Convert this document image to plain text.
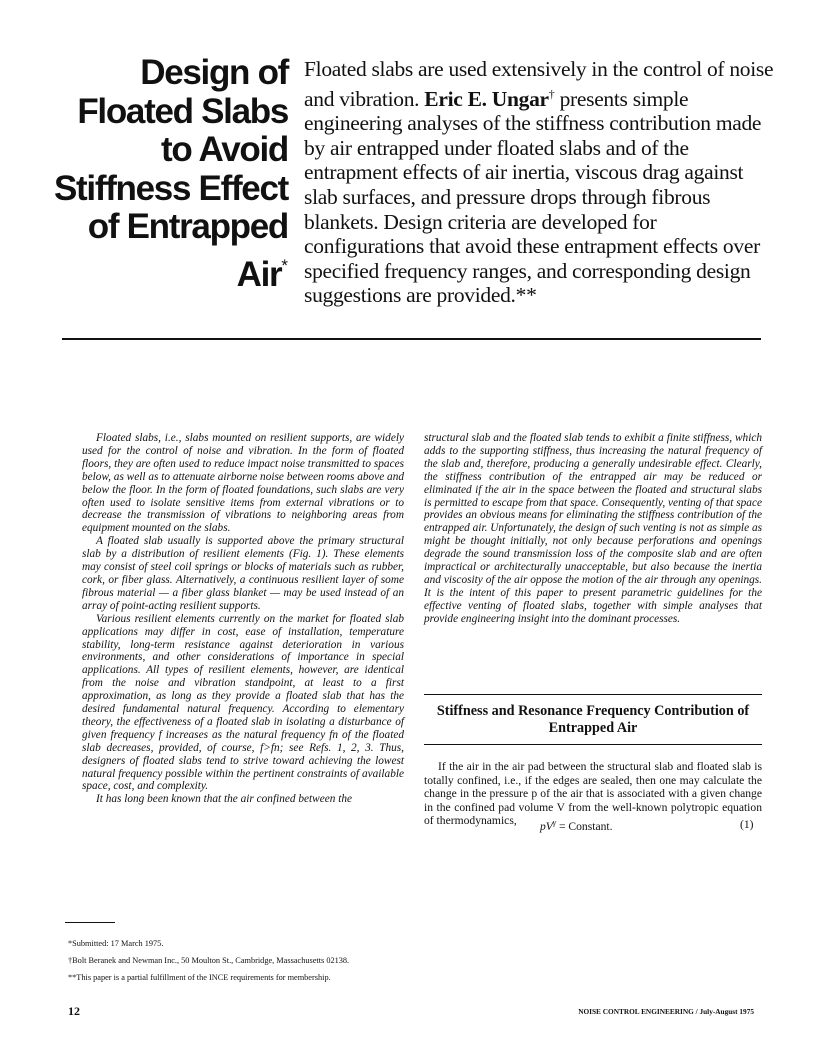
Design of
Floated Slabs
to Avoid
Stiffness Effect
of Entrapped
Air*

Floated slabs are used extensively in the control of noise and vibration. Eric E. Ungar† presents simple engineering analyses of the stiffness contribution made by air entrapped under floated slabs and of the entrapment effects of air inertia, viscous drag against slab surfaces, and pressure drops through fibrous blankets. Design criteria are developed for configurations that avoid these entrapment effects over specified frequency ranges, and corresponding design suggestions are provided.**

Floated slabs, i.e., slabs mounted on resilient supports, are widely used for the control of noise and vibration. In the form of floated floors, they are often used to reduce impact noise transmitted to spaces below, as well as to attenuate airborne noise between rooms above and below the floor. In the form of floated foundations, such slabs are very often used to isolate sensitive items from external vibrations or to decrease the transmission of vibrations to neighboring areas from equipment mounted on the slabs.

A floated slab usually is supported above the primary structural slab by a distribution of resilient elements (Fig. 1). These elements may consist of steel coil springs or blocks of materials such as rubber, cork, or fiber glass. Alternatively, a continuous resilient layer of some fibrous material — a fiber glass blanket — may be used instead of an array of point-acting resilient supports.

Various resilient elements currently on the market for floated slab applications may differ in cost, ease of installation, temperature stability, long-term resistance against deterioration in various environments, and other considerations of importance in special applications. All types of resilient elements, however, are identical from the noise and vibration standpoint, at least to a first approximation, as long as they provide a floated slab that has the desired fundamental natural frequency. According to elementary theory, the effectiveness of a floated slab in isolating a disturbance of given frequency f increases as the natural frequency fn of the floated slab decreases, provided, of course, f>fn; see Refs. 1, 2, 3. Thus, designers of floated slabs tend to strive toward achieving the lowest natural frequency possible within the pertinent constraints of available space, cost, and complexity.

It has long been known that the air confined between the

structural slab and the floated slab tends to exhibit a finite stiffness, which adds to the supporting stiffness, thus increasing the natural frequency of the slab and, therefore, producing a generally undesirable effect. Clearly, the stiffness contribution of the entrapped air may be reduced or eliminated if the air in the space between the floated and structural slabs is permitted to escape from that space. Consequently, venting of that space provides an obvious means for eliminating the stiffness contribution of the entrapped air. Unfortunately, the design of such venting is not as simple as might be thought initially, not only because perforations and openings degrade the sound transmission loss of the composite slab and are often impractical or architecturally unacceptable, but also because the inertia and viscosity of the air oppose the motion of the air through any openings. It is the intent of this paper to present parametric guidelines for the effective venting of floated slabs, together with simple analyses that provide engineering insight into the dominant processes.

Stiffness and Resonance Frequency Contribution of Entrapped Air

If the air in the air pad between the structural slab and floated slab is totally confined, i.e., if the edges are sealed, then one may calculate the change in the pressure p of the air that is associated with a given change in the confined pad volume V from the well-known polytropic equation of thermodynamics,	$pV^\gamma$ = Constant.	(1)
*Submitted: 17 March 1975.
†Bolt Beranek and Newman Inc., 50 Moulton St., Cambridge, Massachusetts 02138.
**This paper is a partial fulfillment of the INCE requirements for membership.
12	NOISE CONTROL ENGINEERING / July-August 1975
